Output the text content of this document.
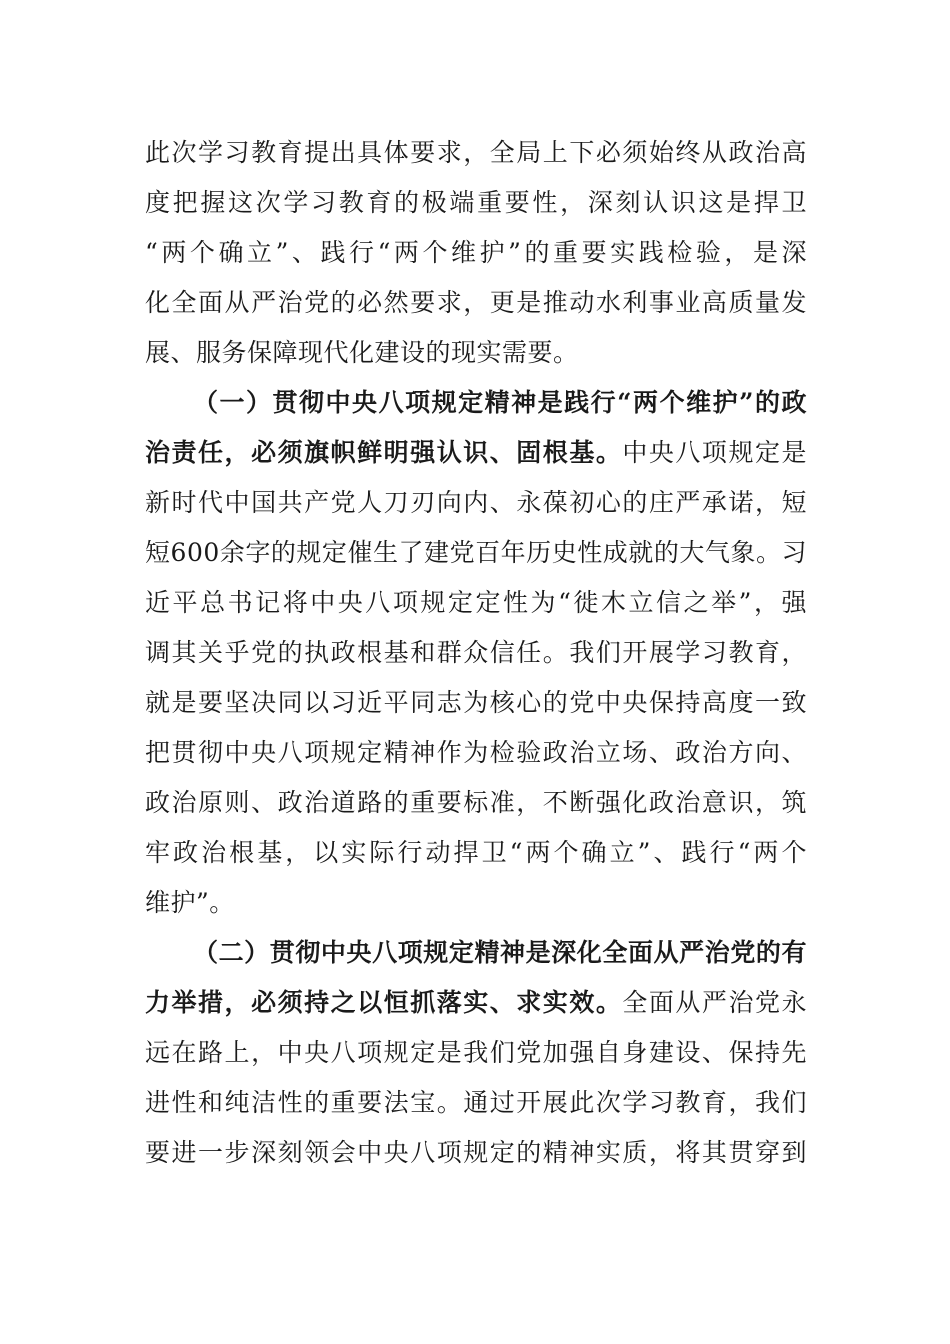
此次学习教育提出具体要求，全局上下必须始终从政治高
度把握这次学习教育的极端重要性，深刻认识这是捍卫
“两个确立”、践行“两个维护”的重要实践检验，是深
化全面从严治党的必然要求，更是推动水利事业高质量发
展、服务保障现代化建设的现实需要。
（一）贯彻中央八项规定精神是践行“两个维护”的政
治责任，必须旗帜鲜明强认识、固根基。中央八项规定是
新时代中国共产党人刀刃向内、永葆初心的庄严承诺，短
短600余字的规定催生了建党百年历史性成就的大气象。习
近平总书记将中央八项规定定性为“徙木立信之举”，强
调其关乎党的执政根基和群众信任。我们开展学习教育，
就是要坚决同以习近平同志为核心的党中央保持高度一致
把贯彻中央八项规定精神作为检验政治立场、政治方向、
政治原则、政治道路的重要标准，不断强化政治意识，筑
牢政治根基，以实际行动捍卫“两个确立”、践行“两个
维护”。
（二）贯彻中央八项规定精神是深化全面从严治党的有
力举措，必须持之以恒抓落实、求实效。全面从严治党永
远在路上，中央八项规定是我们党加强自身建设、保持先
进性和纯洁性的重要法宝。通过开展此次学习教育，我们
要进一步深刻领会中央八项规定的精神实质，将其贯穿到
